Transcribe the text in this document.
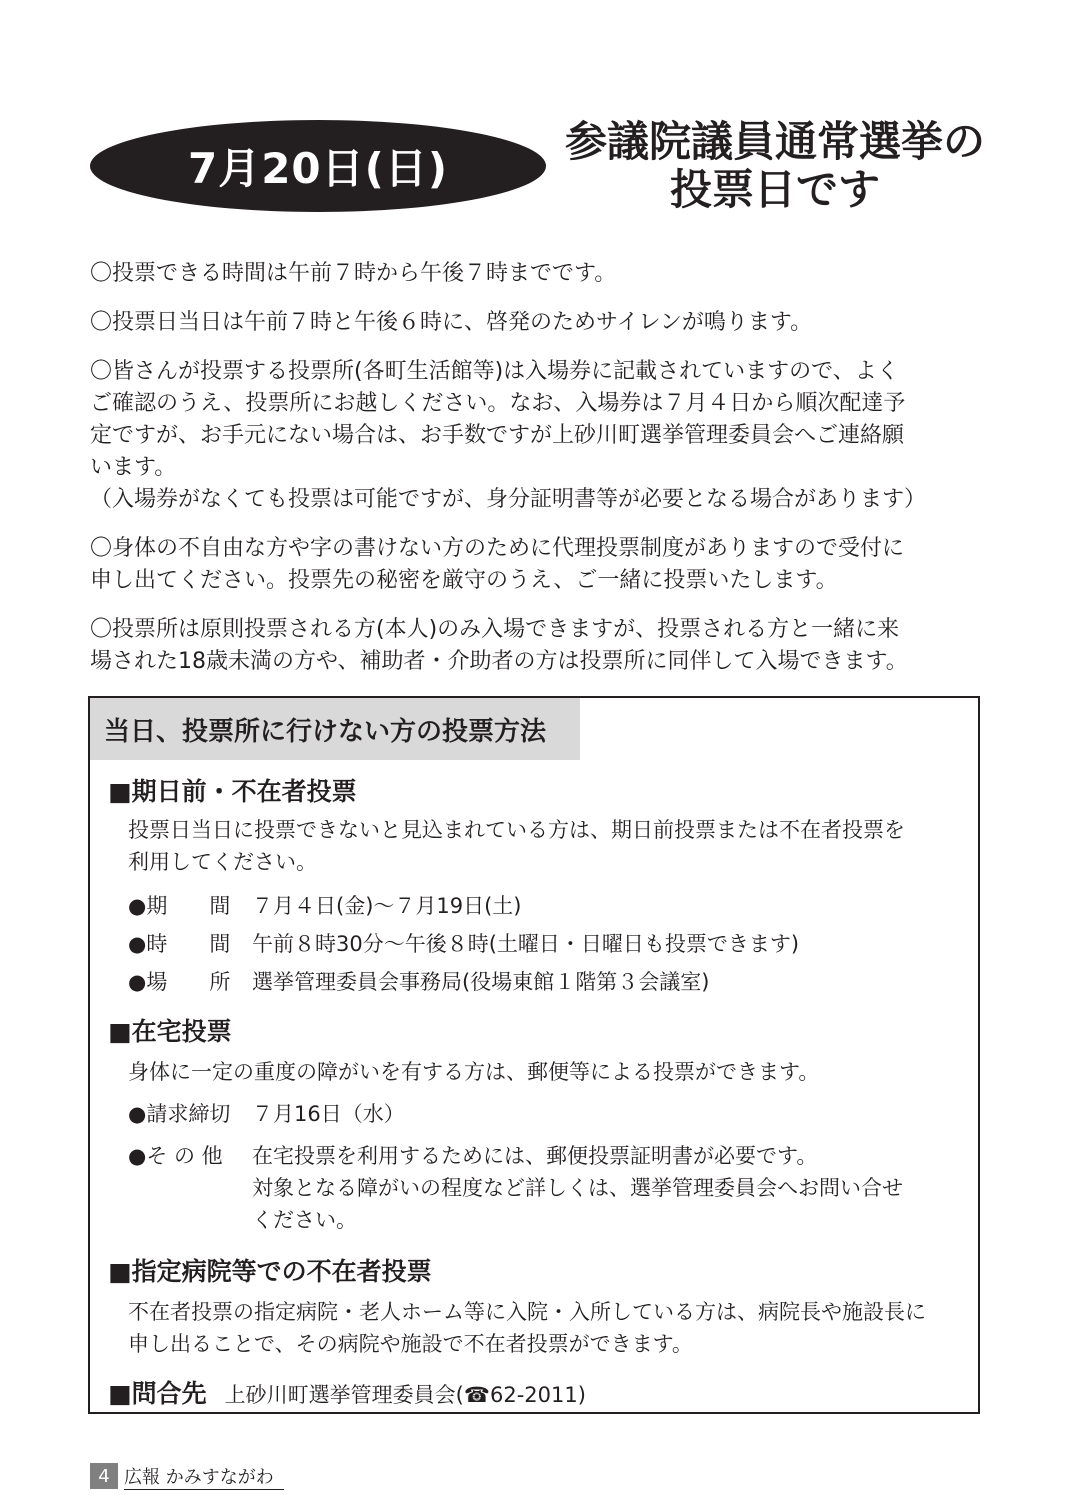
7月20日(日)
参議院議員通常選挙の
投票日です

〇投票できる時間は午前７時から午後７時までです。

〇投票日当日は午前７時と午後６時に、啓発のためサイレンが鳴ります。

〇皆さんが投票する投票所(各町生活館等)は入場券に記載されていますので、よく
ご確認のうえ、投票所にお越しください。なお、入場券は７月４日から順次配達予
定ですが、お手元にない場合は、お手数ですが上砂川町選挙管理委員会へご連絡願
います。
（入場券がなくても投票は可能ですが、身分証明書等が必要となる場合があります）

〇身体の不自由な方や字の書けない方のために代理投票制度がありますので受付に
申し出てください。投票先の秘密を厳守のうえ、ご一緒に投票いたします。

〇投票所は原則投票される方(本人)のみ入場できますが、投票される方と一緒に来
場された18歳未満の方や、補助者・介助者の方は投票所に同伴して入場できます。

当日、投票所に行けない方の投票方法
■期日前・不在者投票
投票日当日に投票できないと見込まれている方は、期日前投票または不在者投票を
利用してください。
●期　　間 ７月４日(金)～７月19日(土)
●時　　間 午前８時30分～午後８時(土曜日・日曜日も投票できます)
●場　　所 選挙管理委員会事務局(役場東館１階第３会議室)
■在宅投票
身体に一定の重度の障がいを有する方は、郵便等による投票ができます。
●請求締切 ７月16日（水）
●そ の 他 在宅投票を利用するためには、郵便投票証明書が必要です。
対象となる障がいの程度など詳しくは、選挙管理委員会へお問い合せ
ください。
■指定病院等での不在者投票
不在者投票の指定病院・老人ホーム等に入院・入所している方は、病院長や施設長に
申し出ることで、その病院や施設で不在者投票ができます。
■問合先 上砂川町選挙管理委員会(☎62-2011)
4 広報 かみすながわ
